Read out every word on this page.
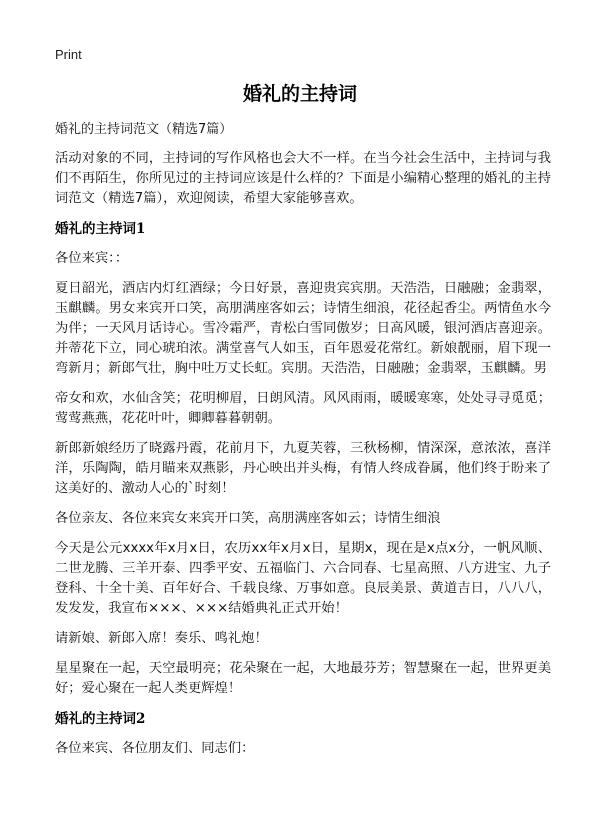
Print
婚礼的主持词
婚礼的主持词范文（精选7篇）

活动对象的不同，主持词的写作风格也会大不一样。在当今社会生活中，主持词与我们不再陌生，你所见过的主持词应该是什么样的？下面是小编精心整理的婚礼的主持词范文（精选7篇），欢迎阅读，希望大家能够喜欢。

婚礼的主持词1

各位来宾：：

夏日韶光，酒店内灯红酒绿；今日好景，喜迎贵宾宾朋。天浩浩，日融融；金翡翠，玉麒麟。男女来宾开口笑，高朋满座客如云；诗情生细浪，花径起香尘。两情鱼水今为伴；一天风月话诗心。雪冷霜严，青松白雪同傲岁；日高风暖，银河酒店喜迎亲。并蒂花下立，同心琥珀浓。满堂喜气人如玉，百年恩爱花常红。新娘靓丽，眉下现一弯新月；新郎气壮，胸中吐万丈长虹。宾朋。天浩浩，日融融；金翡翠，玉麒麟。男

帝女和欢，水仙含笑；花明柳眉，日朗风清。风风雨雨，暖暖寒寒，处处寻寻觅觅；莺莺燕燕，花花叶叶，卿卿暮暮朝朝。

新郎新娘经历了晓露丹霞，花前月下，九夏芙蓉，三秋杨柳，情深深，意浓浓，喜洋洋，乐陶陶，皓月瞄来双燕影，丹心映出并头梅，有情人终成眷属，他们终于盼来了这美好的、激动人心的`时刻！

各位亲友、各位来宾女来宾开口笑，高朋满座客如云；诗情生细浪

今天是公元xxxx年x月x日，农历xx年x月x日，星期x，现在是x点x分，一帆风顺、二世龙腾、三羊开泰、四季平安、五福临门、六合同春、七星高照、八方进宝、九子登科、十全十美、百年好合、千载良缘、万事如意。良辰美景、黄道吉日，八八八，发发发，我宣布×××、×××结婚典礼正式开始！

请新娘、新郎入席！奏乐、鸣礼炮！

星星聚在一起，天空最明亮；花朵聚在一起，大地最芬芳；智慧聚在一起，世界更美好；爱心聚在一起人类更辉煌！

婚礼的主持词2

各位来宾、各位朋友们、同志们：
